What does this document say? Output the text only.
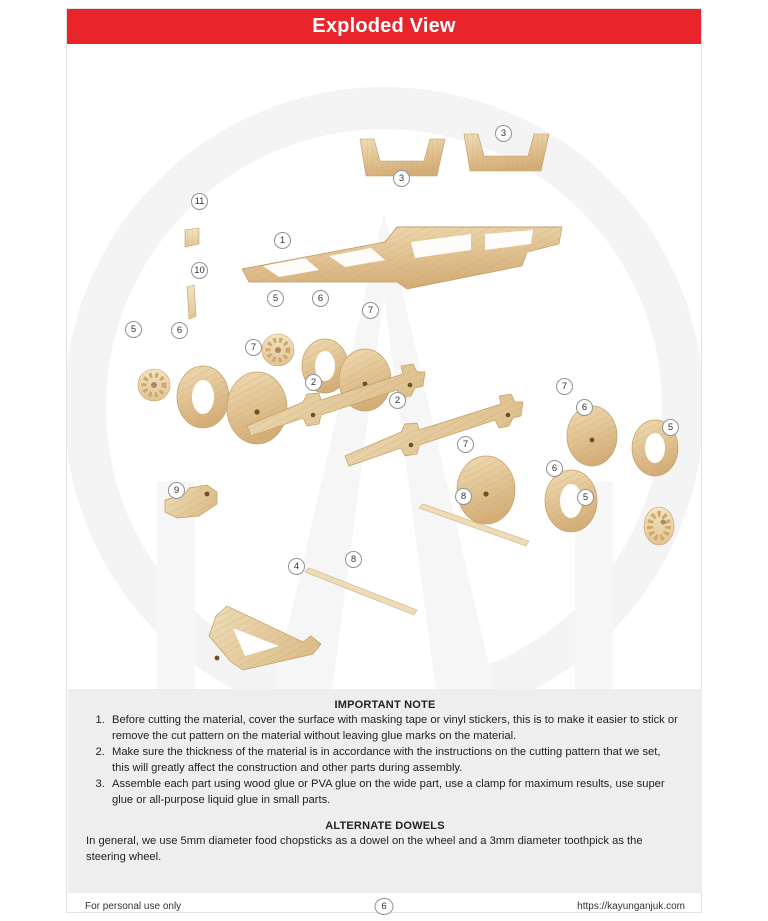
Exploded View
3
3
11
1
10
5	6
7
5	6
7
2
2
9
4
8
8
7
6
7
6
5
5
IMPORTANT NOTE
1. Before cutting the material, cover the surface with masking tape or vinyl stickers, this is to make it easier to stick or remove the cut pattern on the material without leaving glue marks on the material.
2. Make sure the thickness of the material is in accordance with the instructions on the cutting pattern that we set, this will greatly affect the construction and other parts during assembly.
3. Assemble each part using wood glue or PVA glue on the wide part, use a clamp for maximum results, use super glue or all-purpose liquid glue in small parts.
ALTERNATE DOWELS

In general, we use 5mm diameter food chopsticks as a dowel on the wheel and a 3mm diameter toothpick as the steering wheel.

For personal use only	6	https://kayunganjuk.com
